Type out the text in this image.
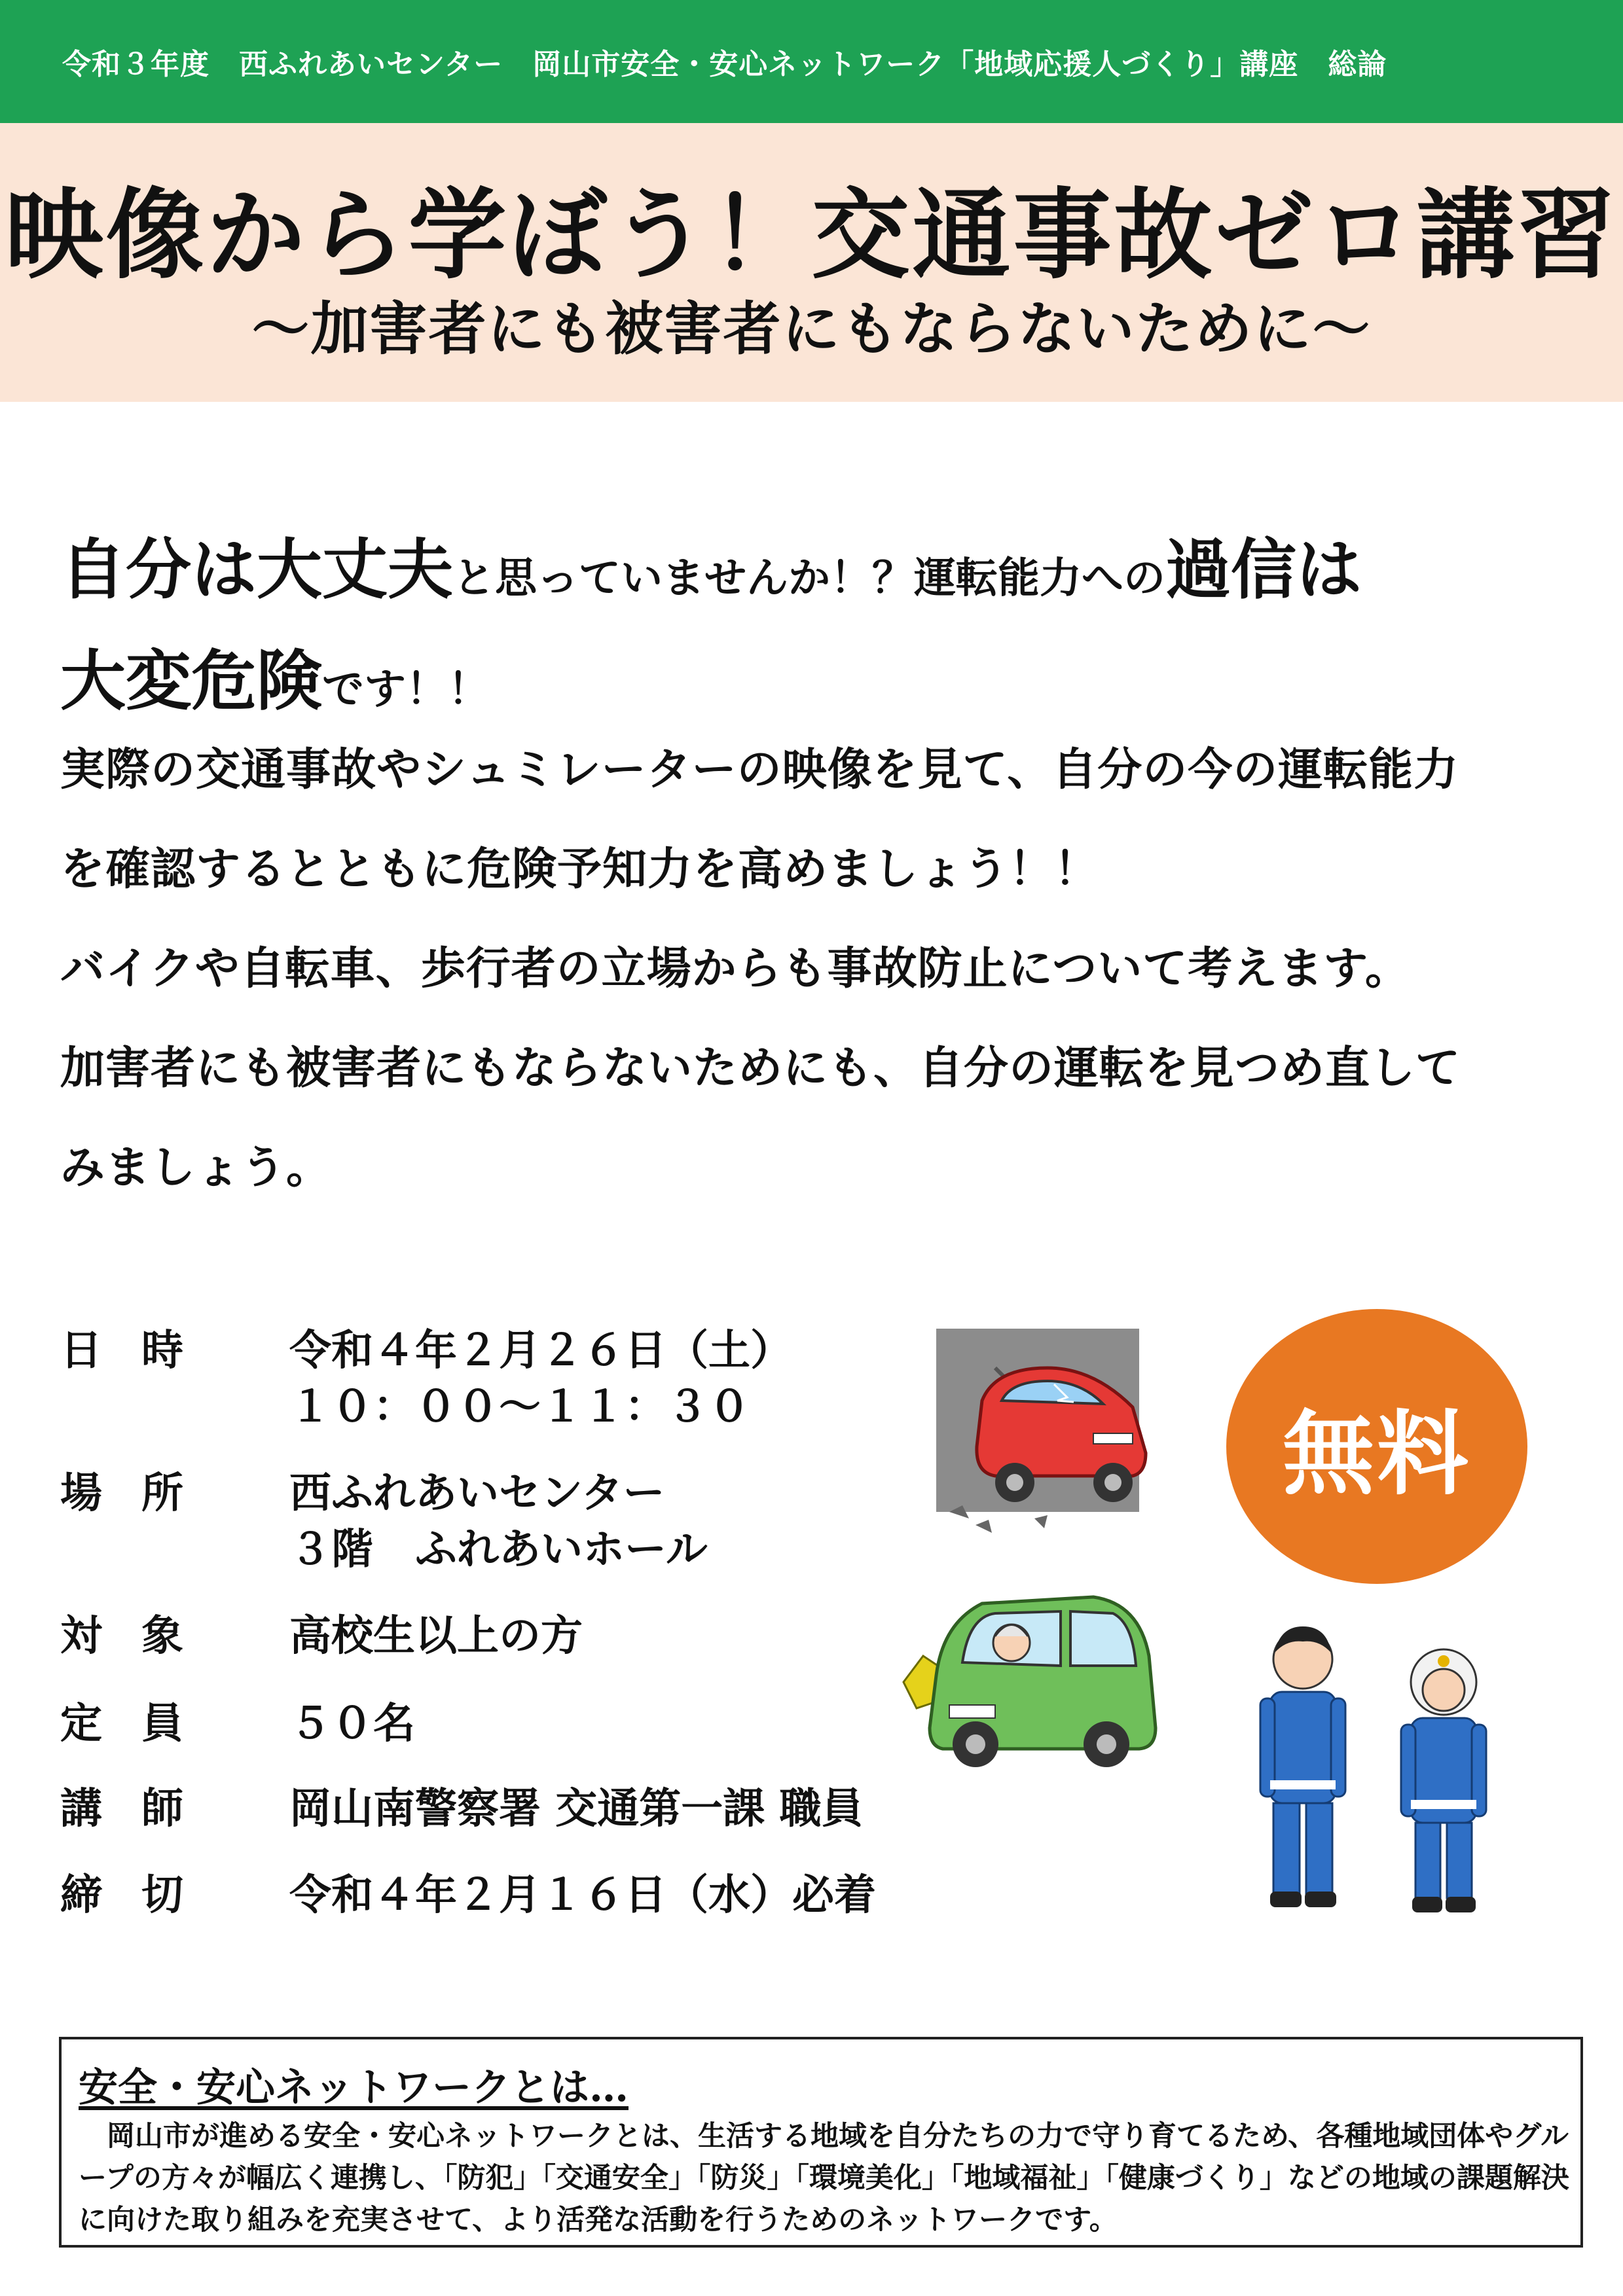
令和３年度　西ふれあいセンター　岡山市安全・安心ネットワーク「地域応援人づくり」講座　総論
映像から学ぼう！交通事故ゼロ講習
～加害者にも被害者にもならないために～
自分は大丈夫と思っていませんか！？運転能力への過信は
大変危険です！！
実際の交通事故やシュミレーターの映像を見て、自分の今の運転能力
を確認するとともに危険予知力を高めましょう！！
バイクや自転車、歩行者の立場からも事故防止について考えます。
加害者にも被害者にもならないためにも、自分の運転を見つめ直して
みましょう。
日時	令和４年２月２６日（土）
１０：００～１１：３０
場所	西ふれあいセンター
３階　ふれあいホール
対象	高校生以上の方
定員	５０名
講師	岡山南警察署 交通第一課 職員
締切	令和４年２月１６日（水）必着
無料
安全・安心ネットワークとは…

　岡山市が進める安全・安心ネットワークとは、生活する地域を自分たちの力で守り育てるため、各種地域団体やグル

ープの方々が幅広く連携し、「防犯」「交通安全」「防災」「環境美化」「地域福祉」「健康づくり」などの地域の課題解決

に向けた取り組みを充実させて、より活発な活動を行うためのネットワークです。
